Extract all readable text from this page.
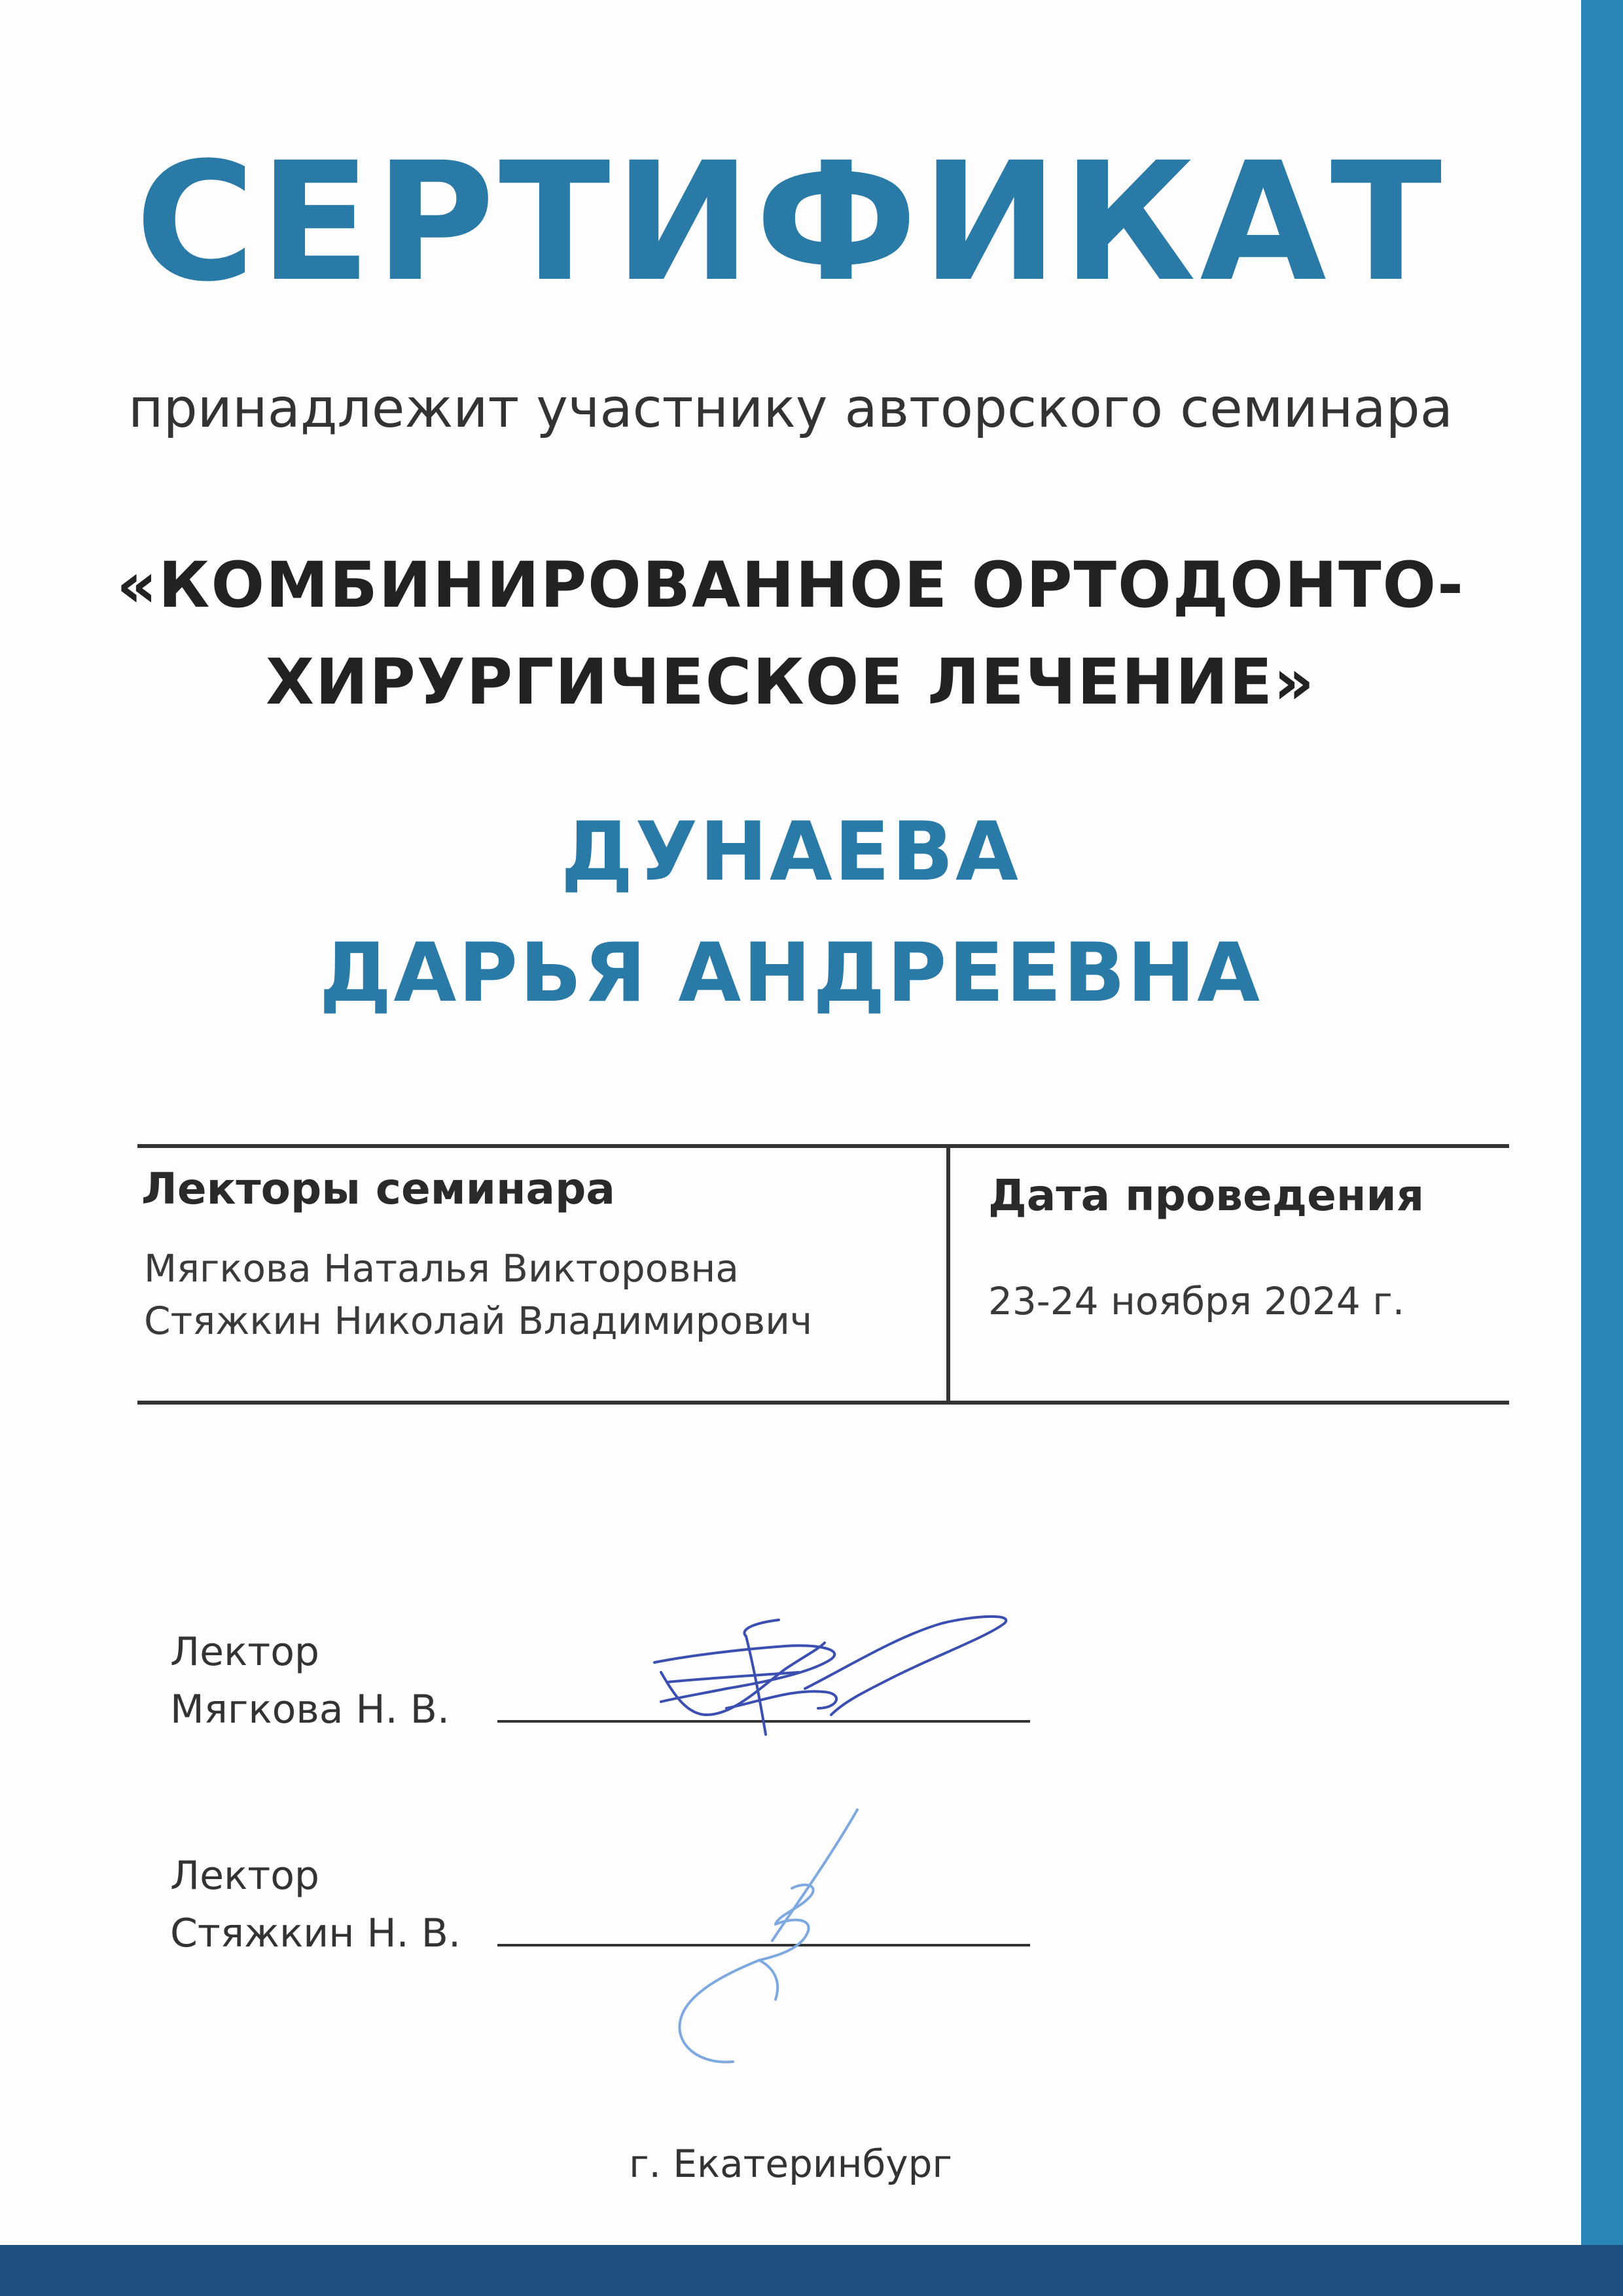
СЕРТИФИКАТ
принадлежит участнику авторского семинара
«КОМБИНИРОВАННОЕ ОРТОДОНТО-
ХИРУРГИЧЕСКОЕ ЛЕЧЕНИЕ»
ДУНАЕВА
ДАРЬЯ АНДРЕЕВНА
Лекторы семинара
Мягкова Наталья Викторовна
Стяжкин Николай Владимирович
Дата проведения
23-24 ноября 2024 г.
Лектор
Мягкова Н. В.
Лектор
Стяжкин Н. В.
г. Екатеринбург
